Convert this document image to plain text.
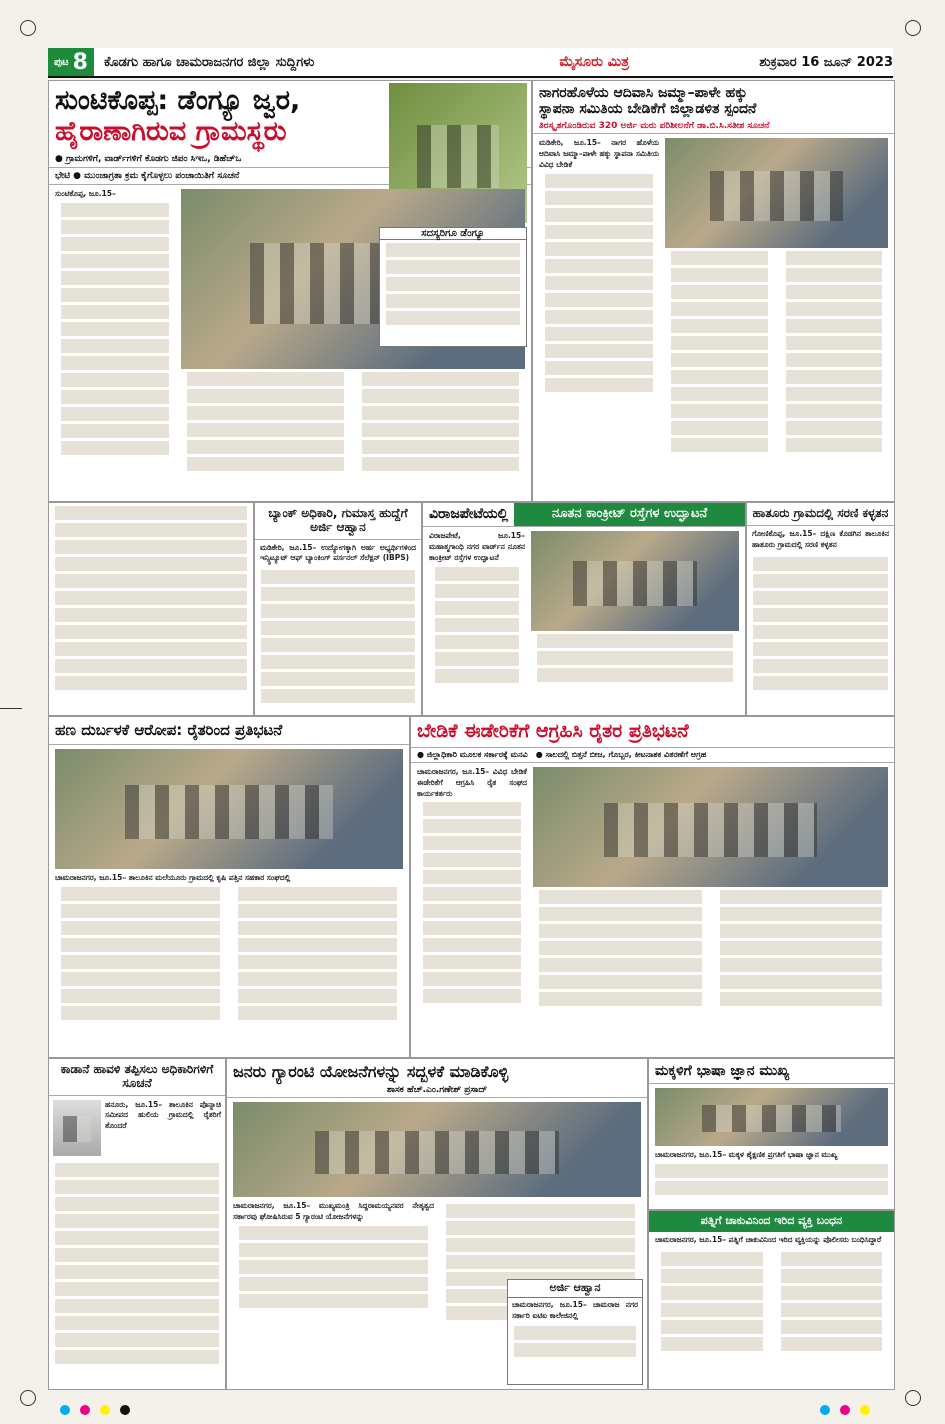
ಪುಟ 8 ಕೊಡಗು ಹಾಗೂ ಚಾಮರಾಜನಗರ ಜಿಲ್ಲಾ ಸುದ್ದಿಗಳು	ಮೈಸೂರು ಮಿತ್ರ	ಶುಕ್ರವಾರ 16 ಜೂನ್ 2023
ಸುಂಟಿಕೊಪ್ಪ: ಡೆಂಗ್ಯೂ ಜ್ವರ,
ಹೈರಾಣಾಗಿರುವ ಗ್ರಾಮಸ್ಥರು
● ಗ್ರಾಮಗಳಿಗೆ, ವಾರ್ಡ್‌ಗಳಿಗೆ ಕೊಡಗು ಜಿಪಂ ಸಿಇಒ, ಡಿಹೆಚ್‌ಒ
ಭೇಟಿ ● ಮುಂಜಾಗ್ರತಾ ಕ್ರಮ ಕೈಗೊಳ್ಳಲು ಪಂಚಾಯಿತಿಗೆ ಸೂಚನೆ
ಸುಂಟಿಕೊಪ್ಪ, ಜೂ.15–
ಸದಸ್ಯರಿಗೂ ಡೆಂಗ್ಯೂ
ನಾಗರಹೊಳೆಯ ಆದಿವಾಸಿ ಜಮ್ಮಾ–ಪಾಳೇ ಹಕ್ಕು
ಸ್ಥಾಪನಾ ಸಮಿತಿಯ ಬೇಡಿಕೆಗೆ ಜಿಲ್ಲಾಡಳಿತ ಸ್ಪಂದನೆ
ತಿರಸ್ಕೃತಗೊಂಡಿರುವ 320 ಅರ್ಜಿ ಮರು ಪರಿಶೀಲನೆಗೆ ಡಾ.ಬಿ.ಸಿ.ಸತೀಶ ಸೂಚನೆ
ಮಡಿಕೇರಿ, ಜೂ.15– ನಾಗರ ಹೊಳೆಯ ಆದಿವಾಸಿ ಜಮ್ಮಾ–ಪಾಳೇ ಹಕ್ಕು ಸ್ಥಾಪನಾ ಸಮಿತಿಯ ವಿವಿಧ ಬೇಡಿಕೆ
ಬ್ಯಾಂಕ್ ಅಧಿಕಾರಿ, ಗುಮಾಸ್ತ ಹುದ್ದೆಗೆ ಅರ್ಜಿ ಆಹ್ವಾನ
ಮಡಿಕೇರಿ, ಜೂ.15– ಉದ್ಯೋಗಕ್ಕಾಗಿ ಅರ್ಹ ಅಭ್ಯರ್ಥಿಗಳಿಂದ ಇನ್ಸ್ಟಿಟ್ಯೂಟ್ ಆಫ್ ಬ್ಯಾಂಕಿಂಗ್ ಪರ್ಸನಲ್ ಸೆಲೆಕ್ಷನ್ (IBPS)
ವಿರಾಜಪೇಟೆಯಲ್ಲಿ	ನೂತನ ಕಾಂಕ್ರೀಟ್ ರಸ್ತೆಗಳ ಉದ್ಘಾಟನೆ
ವಿರಾಜಪೇಟೆ, ಜೂ.15– ಮಹಾತ್ಮಗಾಂಧಿ ನಗರ ವಾರ್ಡ್‌ನ ನೂತನ ಕಾಂಕ್ರೀಟ್ ರಸ್ತೆಗಳ ಉದ್ಘಾಟನೆ
ಹಾತೂರು ಗ್ರಾಮದಲ್ಲಿ ಸರಣಿ ಕಳ್ಳತನ
ಗೋಣಿಕೊಪ್ಪ, ಜೂ.15– ದಕ್ಷಿಣ ಕೊಡಗಿನ ತಾಲೂಕಿನ ಹಾತೂರು ಗ್ರಾಮದಲ್ಲಿ ಸರಣಿ ಕಳ್ಳತನ
ಹಣ ದುರ್ಬಳಕೆ ಆರೋಪ: ರೈತರಿಂದ ಪ್ರತಿಭಟನೆ
ಚಾಮರಾಜನಗರ, ಜೂ.15– ತಾಲೂಕಿನ ಮಲೆಯೂರು ಗ್ರಾಮದಲ್ಲಿ ಕೃಷಿ ಪತ್ತಿನ ಸಹಕಾರ ಸಂಘದಲ್ಲಿ
ಬೇಡಿಕೆ ಈಡೇರಿಕೆಗೆ ಆಗ್ರಹಿಸಿ ರೈತರ ಪ್ರತಿಭಟನೆ
● ಜಿಲ್ಲಾಧಿಕಾರಿ ಮೂಲಕ ಸರ್ಕಾರಕ್ಕೆ ಮನವಿ ● ಸಾಲದಲ್ಲಿ ಬಿತ್ತನೆ ಬೀಜ, ಗೊಬ್ಬರ, ಕೀಟನಾಶಕ ವಿತರಣೆಗೆ ಆಗ್ರಹ
ಚಾಮರಾಜನಗರ, ಜೂ.15– ವಿವಿಧ ಬೇಡಿಕೆ ಈಡೇರಿಕೆಗೆ ಆಗ್ರಹಿಸಿ ರೈತ ಸಂಘದ ಕಾರ್ಯಕರ್ತರು
ಕಾಡಾನೆ ಹಾವಳಿ ತಪ್ಪಿಸಲು ಅಧಿಕಾರಿಗಳಿಗೆ ಸೂಚನೆ
ಹನೂರು, ಜೂ.15– ತಾಲೂಕಿನ ಪೊನ್ನಾಚಿ ಸಮೀಪದ ಹುಲಿಯ ಗ್ರಾಮದಲ್ಲಿ ರೈತರಿಗೆ ತೊಂದರೆ
ಜನರು ಗ್ಯಾರಂಟಿ ಯೋಜನೆಗಳನ್ನು ಸದ್ಬಳಕೆ ಮಾಡಿಕೊಳ್ಳಿ
ಶಾಸಕ ಹೆಚ್.ಎಂ.ಗಣೇಶ್ ಪ್ರಸಾದ್
ಚಾಮರಾಜನಗರ, ಜೂ.15– ಮುಖ್ಯಮಂತ್ರಿ ಸಿದ್ದರಾಮಯ್ಯನವರ ನೇತೃತ್ವದ ಸರ್ಕಾರವು ಘೋಷಿಸಿರುವ 5 ಗ್ಯಾರಂಟಿ ಯೋಜನೆಗಳನ್ನು
ಅರ್ಜಿ ಆಹ್ವಾನ
ಚಾಮರಾಜನಗರ, ಜೂ.15– ಚಾಮರಾಜ ನಗರ ಸರ್ಕಾರಿ ಐಟಿಐ ಕಾಲೇಜಿನಲ್ಲಿ
ಮಕ್ಕಳಿಗೆ ಭಾಷಾ ಜ್ಞಾನ ಮುಖ್ಯ
ಚಾಮರಾಜನಗರ, ಜೂ.15– ಮಕ್ಕಳ ಶೈಕ್ಷಣಿಕ ಪ್ರಗತಿಗೆ ಭಾಷಾ ಜ್ಞಾನ ಮುಖ್ಯ
ಪತ್ನಿಗೆ ಚಾಕುವಿನಿಂದ ಇರಿದ ವ್ಯಕ್ತಿ ಬಂಧನ
ಚಾಮರಾಜನಗರ, ಜೂ.15– ಪತ್ನಿಗೆ ಚಾಕುವಿನಿಂದ ಇರಿದ ವ್ಯಕ್ತಿಯನ್ನು ಪೊಲೀಸರು ಬಂಧಿಸಿದ್ದಾರೆ
